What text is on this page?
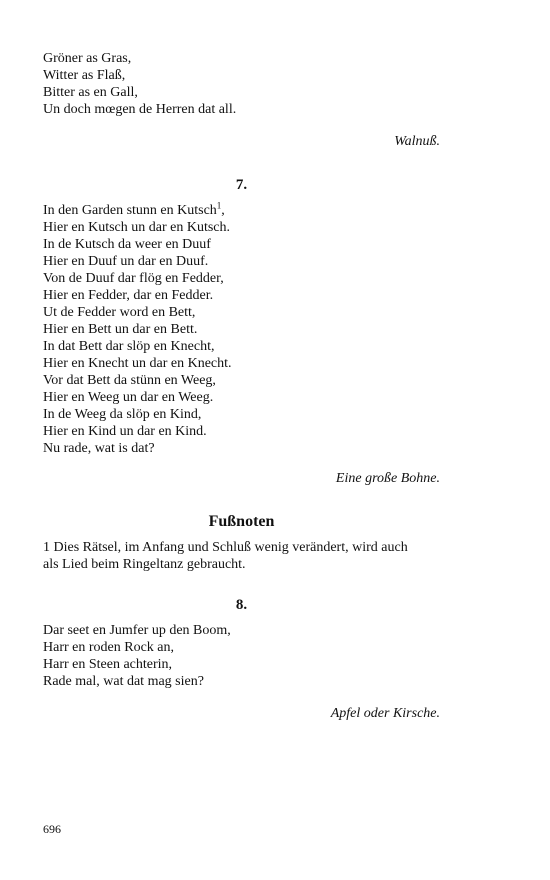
Gröner as Gras,
Witter as Flaß,
Bitter as en Gall,
Un doch mœgen de Herren dat all.
Walnuß.
7.
In den Garden stunn en Kutsch$^1$,
Hier en Kutsch un dar en Kutsch.
In de Kutsch da weer en Duuf
Hier en Duuf un dar en Duuf.
Von de Duuf dar flög en Fedder,
Hier en Fedder, dar en Fedder.
Ut de Fedder word en Bett,
Hier en Bett un dar en Bett.
In dat Bett dar slöp en Knecht,
Hier en Knecht un dar en Knecht.
Vor dat Bett da stünn en Weeg,
Hier en Weeg un dar en Weeg.
In de Weeg da slöp en Kind,
Hier en Kind un dar en Kind.
Nu rade, wat is dat?
Eine große Bohne.
Fußnoten
1 Dies Rätsel, im Anfang und Schluß wenig verändert, wird auch
als Lied beim Ringeltanz gebraucht.
8.
Dar seet en Jumfer up den Boom,
Harr en roden Rock an,
Harr en Steen achterin,
Rade mal, wat dat mag sien?
Apfel oder Kirsche.
696
